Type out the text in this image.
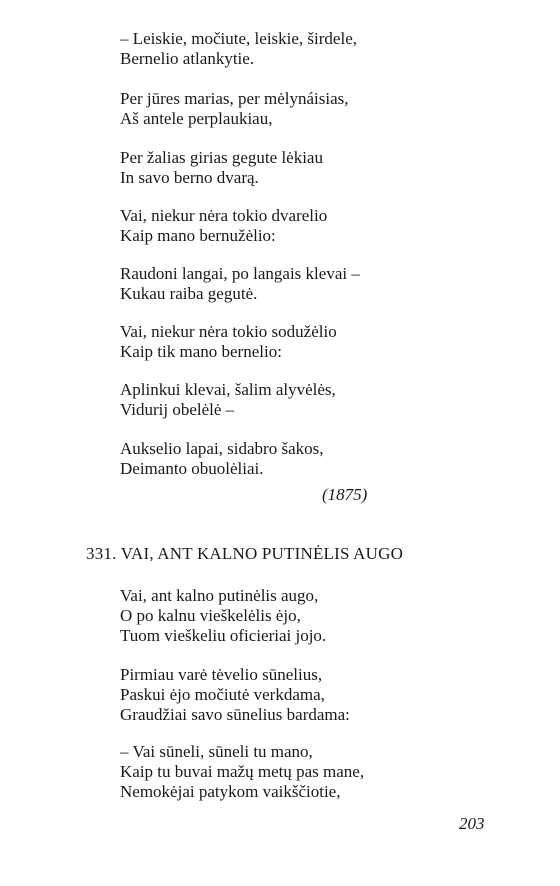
– Leiskie, močiute, leiskie, širdele,
Bernelio atlankytie.

Per jūres marias, per mėlynáisias,
Aš antele perplaukiau,

Per žalias girias gegute lėkiau
In savo berno dvarą.

Vai, niekur nėra tokio dvarelio
Kaip mano bernužėlio:

Raudoni langai, po langais klevai –
Kukau raiba gegutė.

Vai, niekur nėra tokio sodužėlio
Kaip tik mano bernelio:

Aplinkui klevai, šalim alyvėlės,
Vidurij obelėlė –

Aukselio lapai, sidabro šakos,
Deimanto obuolėliai.

(1875)

331. VAI, ANT KALNO PUTINĖLIS AUGO

Vai, ant kalno putinėlis augo,
O po kalnu vieškelėlis ėjo,
Tuom vieškeliu oficieriai jojo.

Pirmiau varė tėvelio sūnelius,
Paskui ėjo močiutė verkdama,
Graudžiai savo sūnelius bardama:

– Vai sūneli, sūneli tu mano,
Kaip tu buvai mažų metų pas mane,
Nemokėjai patykom vaikščiotie,

203
